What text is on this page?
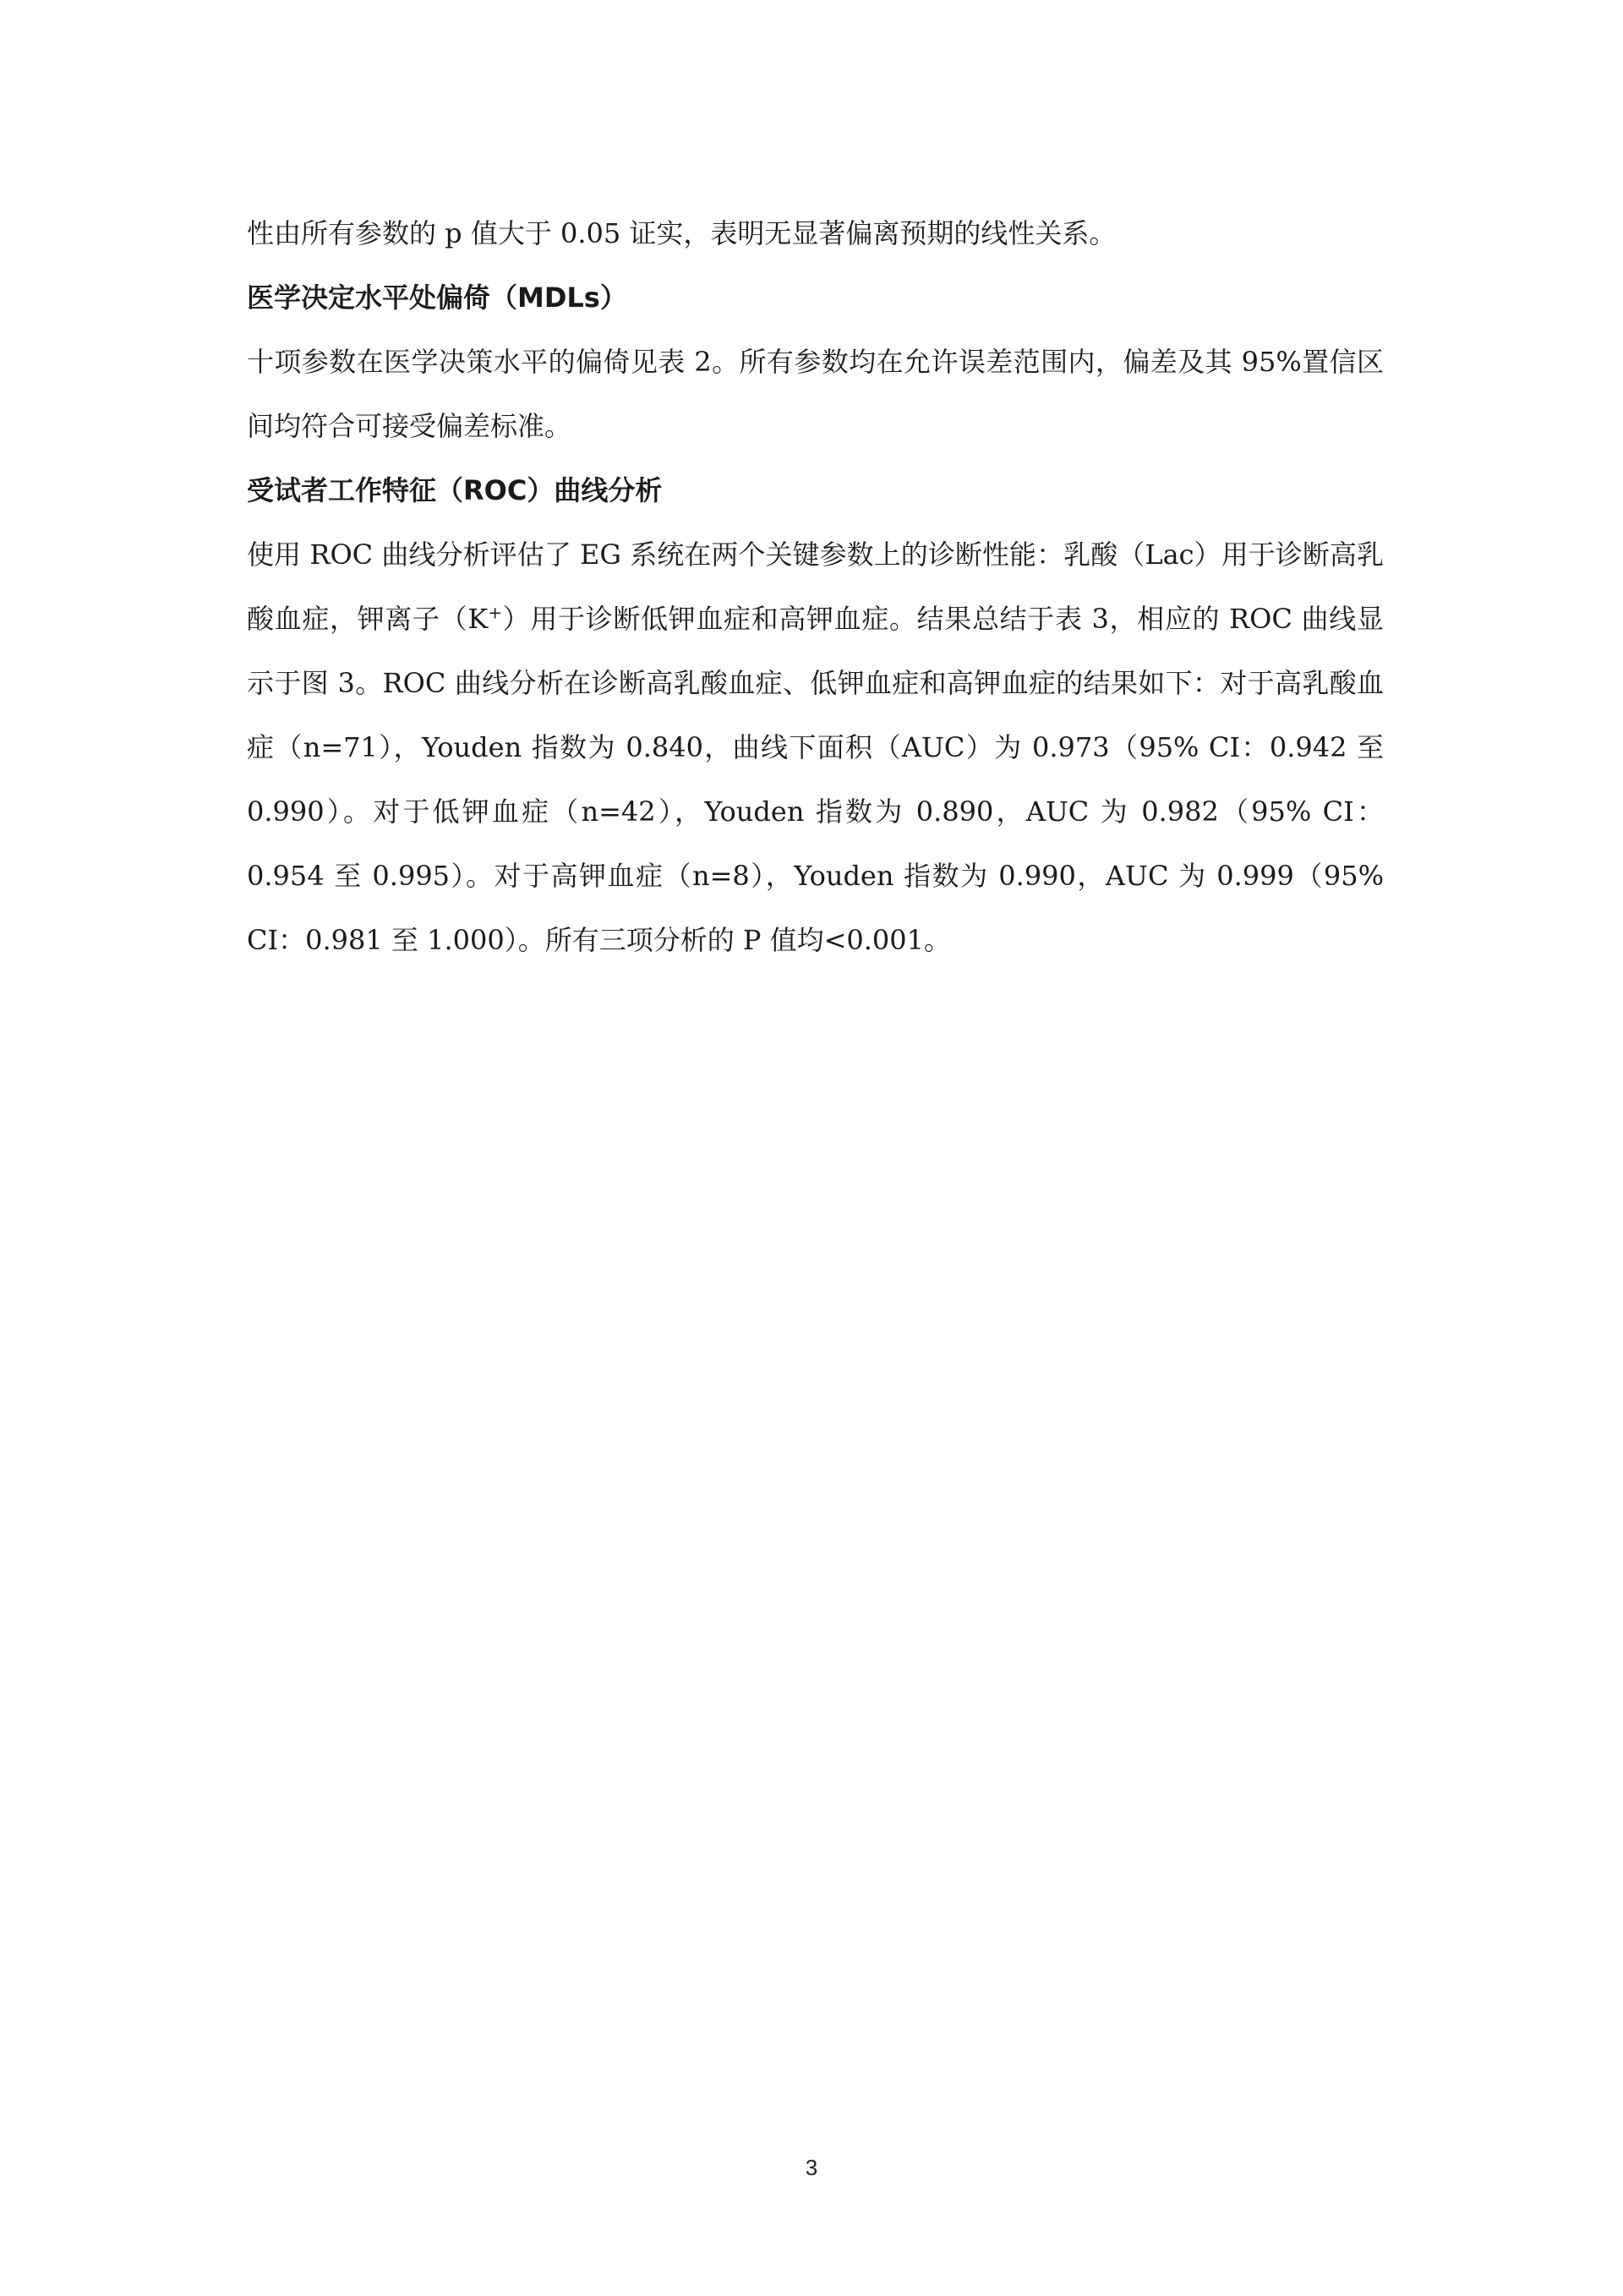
性由所有参数的 p 值大于 0.05 证实，表明无显著偏离预期的线性关系。

医学决定水平处偏倚（MDLs）

十项参数在医学决策水平的偏倚见表 2。所有参数均在允许误差范围内，偏差及其 95%置信区间均符合可接受偏差标准。

受试者工作特征（ROC）曲线分析

使用 ROC 曲线分析评估了 EG 系统在两个关键参数上的诊断性能：乳酸（Lac）用于诊断高乳酸血症，钾离子（K+）用于诊断低钾血症和高钾血症。结果总结于表 3，相应的 ROC 曲线显示于图 3。ROC 曲线分析在诊断高乳酸血症、低钾血症和高钾血症的结果如下：对于高乳酸血症（n=71），Youden 指数为 0.840，曲线下面积（AUC）为 0.973（95% CI：0.942 至 0.990）。对于低钾血症（n=42），Youden 指数为 0.890，AUC 为 0.982（95% CI：0.954 至 0.995）。对于高钾血症（n=8），Youden 指数为 0.990，AUC 为 0.999（95% CI：0.981 至 1.000）。所有三项分析的 P 值均<0.001。

3
